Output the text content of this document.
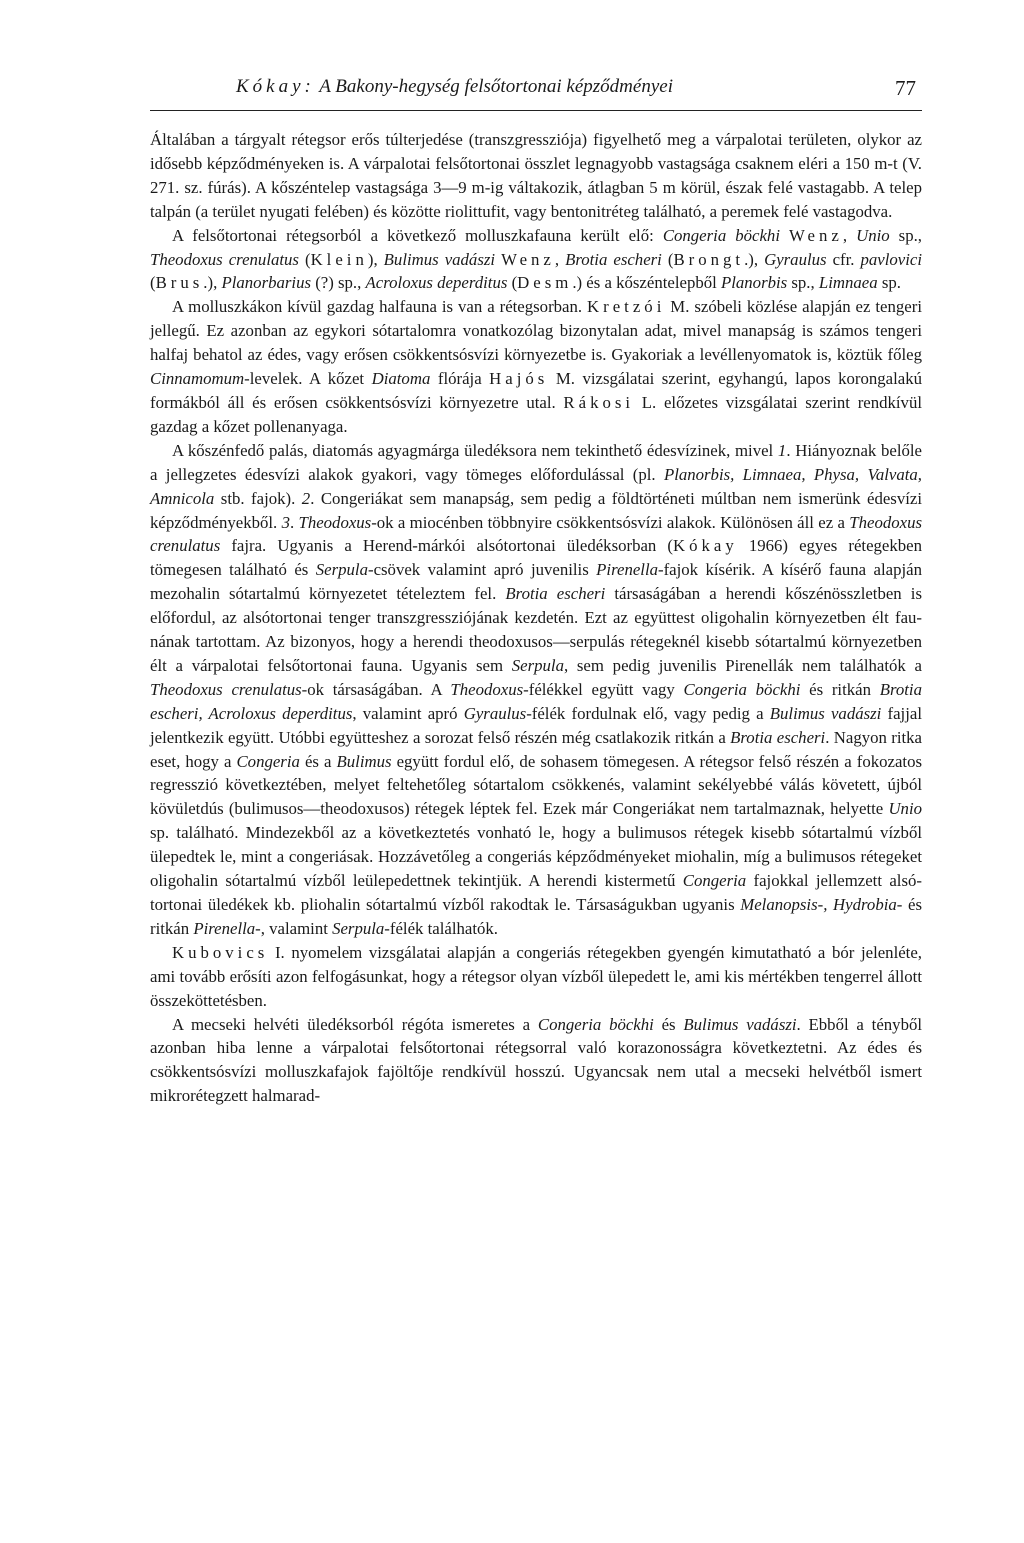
Kókay: A Bakony-hegység felsőtortonai képződményei	77

Általában a tárgyalt rétegsor erős túlterjedése (transzgressziója) figyelhető meg a várpalotai területen, olykor az idősebb képződményeken is. A várpalotai felsőtortonai összlet legnagyobb vastagsága csaknem eléri a 150 m-t (V. 271. sz. fúrás). A kőszéntelep vastagsága 3—9 m-ig váltakozik, átlagban 5 m körül, észak felé vastagabb. A telep talpán (a terület nyugati felében) és közötte riolittufit, vagy bentonitréteg található, a peremek felé vastagodva.

A felsőtortonai rétegsorból a következő molluszkafauna került elő: Congeria böckhi Wenz, Unio sp., Theodoxus crenulatus (Klein), Bulimus vadászi Wenz, Brotia escheri (Brongt.), Gyraulus cfr. pavlovici (Brus.), Planorbarius (?) sp., Acroloxus deperditus (Desm.) és a kőszéntelepből Planorbis sp., Limnaea sp.

A molluszkákon kívül gazdag halfauna is van a rétegsorban. Kretzói M. szóbeli közlése alapján ez tengeri jellegű. Ez azonban az egykori sótartalomra vonatkozólag bizonytalan adat, mivel manapság is számos tengeri halfaj behatol az édes, vagy erősen csökkentsósvízi környezetbe is. Gyakoriak a levéllenyomatok is, köztük főleg Cinnamomum-levelek. A kőzet Diatoma flórája Hajós M. vizsgálatai szerint, egyhangú, lapos korongalakú formákból áll és erősen csökkentsósvízi környezetre utal. Rákosi L. előzetes vizsgálatai szerint rendkívül gazdag a kőzet pollenanyaga.

A kőszénfedő palás, diatomás agyagmárga üledéksora nem tekinthető édesvízinek, mivel 1. Hiányoznak belőle a jellegzetes édesvízi alakok gyakori, vagy tömeges előfordulással (pl. Planorbis, Limnaea, Physa, Valvata, Amnicola stb. fajok). 2. Congeriákat sem manapság, sem pedig a földtörténeti múltban nem ismerünk édesvízi képződményekből. 3. Theodoxus-ok a miocénben többnyire csökkentsósvízi alakok. Különösen áll ez a Theodoxus crenulatus fajra. Ugyanis a Herend-márkói alsótortonai üledéksorban (Kókay 1966) egyes rétegekben tömegesen található és Serpula-csövek valamint apró juvenilis Pirenella-fajok kísérik. A kísérő fauna alapján mezohalin sótartalmú környezetet tételeztem fel. Brotia escheri társaságában a herendi kőszénösszletben is előfordul, az alsótortonai tenger transzgressziójának kezdetén. Ezt az együttest oligohalin környezetben élt faunának tartottam. Az bizonyos, hogy a herendi theodoxusos—serpulás rétegeknél kisebb sótartalmú környezetben élt a várpalotai felsőtortonai fauna. Ugyanis sem Serpula, sem pedig juvenilis Pirenellák nem találhatók a Theodoxus crenulatus-ok társaságában. A Theodoxus-félékkel együtt vagy Congeria böckhi és ritkán Brotia escheri, Acroloxus deperditus, valamint apró Gyraulus-félék fordulnak elő, vagy pedig a Bulimus vadászi fajjal jelentkezik együtt. Utóbbi együtteshez a sorozat felső részén még csatlakozik ritkán a Brotia escheri. Nagyon ritka eset, hogy a Congeria és a Bulimus együtt fordul elő, de sohasem tömegesen. A rétegsor felső részén a fokozatos regresszió következtében, melyet feltehetőleg sótartalom csökkenés, valamint sekélyebbé válás követett, újból kövületdús (bulimusos—theodoxusos) rétegek léptek fel. Ezek már Congeriákat nem tartalmaznak, helyette Unio sp. található. Mindezekből az a következtetés vonható le, hogy a bulimusos rétegek kisebb sótartalmú vízből ülepedtek le, mint a congeriásak. Hozzávetőleg a congeriás képződményeket miohalin, míg a bulimusos rétegeket oligohalin sótartalmú vízből leülepedettnek tekintjük. A herendi kistermetű Congeria fajokkal jellemzett alsótortonai üledékek kb. pliohalin sótartalmú vízből rakodtak le. Társaságukban ugyanis Melanopsis-, Hydrobia- és ritkán Pirenella-, valamint Serpula-félék találhatók.

Kubovics I. nyomelem vizsgálatai alapján a congeriás rétegekben gyengén kimutatható a bór jelenléte, ami tovább erősíti azon felfogásunkat, hogy a rétegsor olyan vízből ülepedett le, ami kis mértékben tengerrel állott összeköttetésben.

A mecseki helvéti üledéksorból régóta ismeretes a Congeria böckhi és Bulimus vadászi. Ebből a tényből azonban hiba lenne a várpalotai felsőtortonai rétegsorral való korazonosságra következtetni. Az édes és csökkentsósvízi molluszkafajok fajöltője rendkívül hosszú. Ugyancsak nem utal a mecseki helvétből ismert mikrorétegzett halmarad-
